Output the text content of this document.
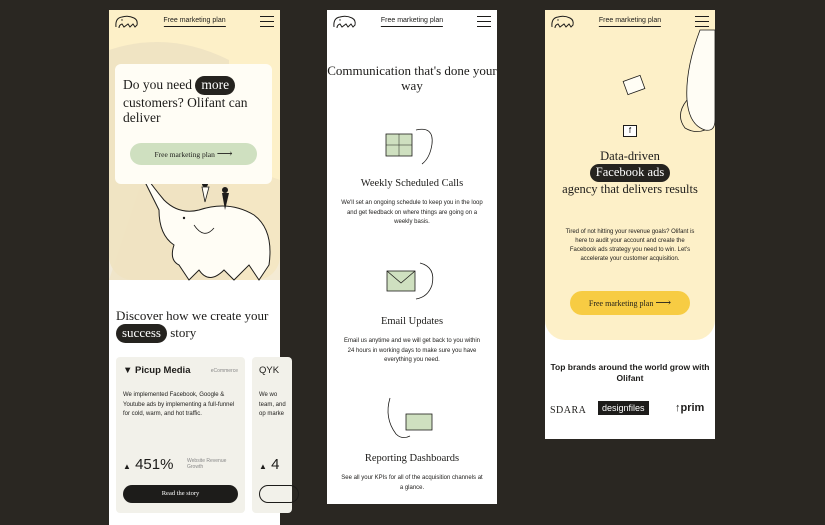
Free marketing plan
Do you need more customers? Olifant can deliver
Free marketing plan ⟶
Discover how we create your success story
▼ Picup Media	eCommerce
We implemented Facebook, Google & Youtube ads by implementing a full-funnel for cold, warm, and hot traffic.
▲ 451%	Website Revenue Growth
Read the story
QYK
We wo team, and op marke
▲ 4
Free marketing plan
Communication that's done your way
Weekly Scheduled Calls
We'll set an ongoing schedule to keep you in the loop and get feedback on where things are going on a weekly basis.
Email Updates
Email us anytime and we will get back to you within 24 hours in working days to make sure you have everything you need.
Reporting Dashboards
See all your KPIs for all of the acquisition channels at a glance.
f
Free marketing plan
Data-driven
Facebook ads
agency that delivers results
Tired of not hitting your revenue goals? Olifant is here to audit your account and create the Facebook ads strategy you need to win. Let's accelerate your customer acquisition.
Free marketing plan ⟶
Top brands around the world grow with Olifant
SDARA	designfiles	↑prim
